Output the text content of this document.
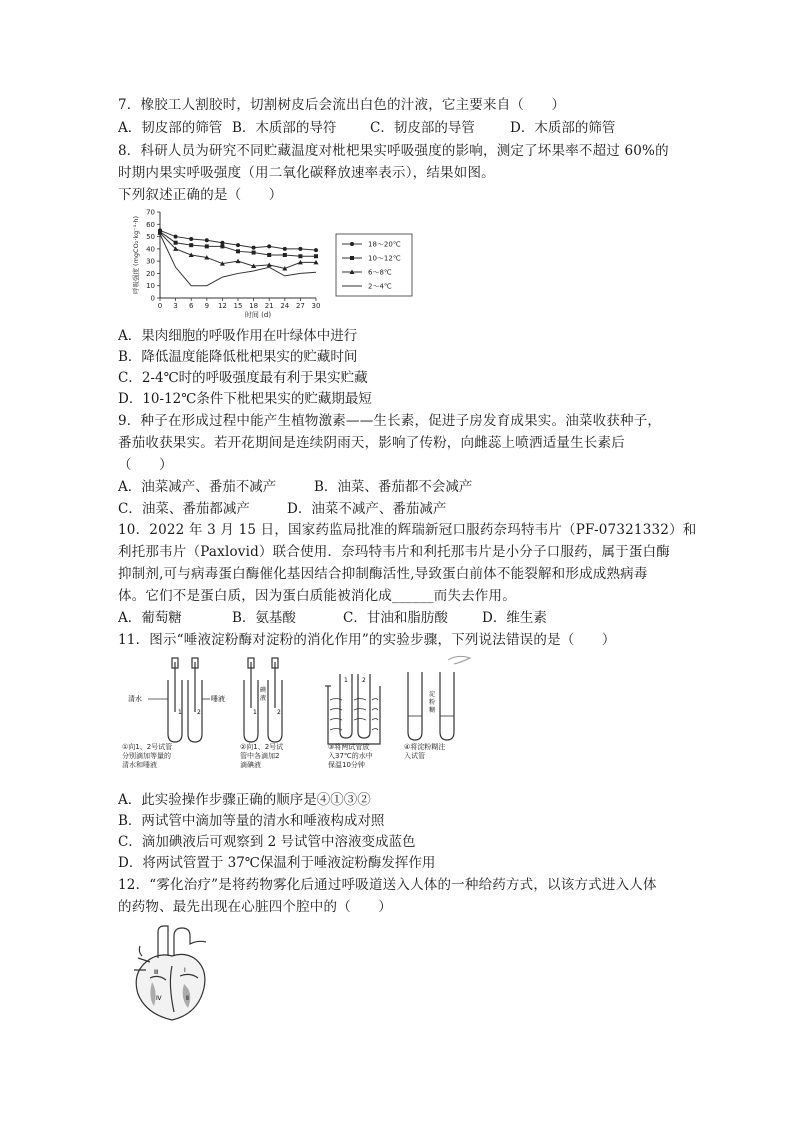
7．橡胶工人割胶时，切割树皮后会流出白色的汁液，它主要来自（　　）
A．韧皮部的筛管 B．木质部的导符 C．韧皮部的导管	D．木质部的筛管
8．科研人员为研究不同贮藏温度对枇杷果实呼吸强度的影响，测定了坏果率不超过 60%的
时期内果实呼吸强度（用二氧化碳释放速率表示），结果如图。
下列叙述正确的是（　　）
0
10
20
30
40
50
60
70
0 3 6 9 12 15 18 21 24 27 30
时间 (d)
呼吸强度 (mgCO₂·kg⁻¹·h)	18～20℃
10～12℃
6～8℃
2～4℃
A．果肉细胞的呼吸作用在叶绿体中进行
B．降低温度能降低枇杷果实的贮藏时间
C．2-4℃时的呼吸强度最有利于果实贮藏
D．10-12℃条件下枇杷果实的贮藏期最短
9．种子在形成过程中能产生植物激素——生长素，促进子房发育成果实。油菜收获种子，
番茄收获果实。若开花期间是连续阴雨天，影响了传粉，向雌蕊上喷洒适量生长素后
（　　）
A．油菜减产、番茄不减产	B．油菜、番茄都不会减产
C．油菜、番茄都减产	D．油菜不减产、番茄减产
10．2022 年 3 月 15 日，国家药监局批准的辉瑞新冠口服药奈玛特韦片（PF-07321332）和
利托那韦片（Paxlovid）联合使用．奈玛特韦片和利托那韦片是小分子口服药，属于蛋白酶
抑制剂,可与病毒蛋白酶催化基因结合抑制酶活性,导致蛋白前体不能裂解和形成成熟病毒
体。它们不是蛋白质，因为蛋白质能被消化成______而失去作用。
A．葡萄糖	B．氨基酸	C．甘油和脂肪酸	D．维生素
11．图示“唾液淀粉酶对淀粉的消化作用”的实验步骤，下列说法错误的是（　　）
清水	唾液
1	2
碘
液
1	2
1 2
淀
粉
糊
①向1、2号试管
分别滴加等量的
清水和唾液
②向1、2号试
管中各滴加2
滴碘液
③将两试管放
入37℃的水中
保温10分钟
④将淀粉糊注
入试管
A．此实验操作步骤正确的顺序是④①③②
B．两试管中滴加等量的清水和唾液构成对照
C．滴加碘液后可观察到 2 号试管中溶液变成蓝色
D．将两试管置于 37℃保温利于唾液淀粉酶发挥作用
12．“雾化治疗”是将药物雾化后通过呼吸道送入人体的一种给药方式，以该方式进入人体
的药物、最先出现在心脏四个腔中的（　　）
Ⅲ	Ⅰ
Ⅳ	Ⅱ
